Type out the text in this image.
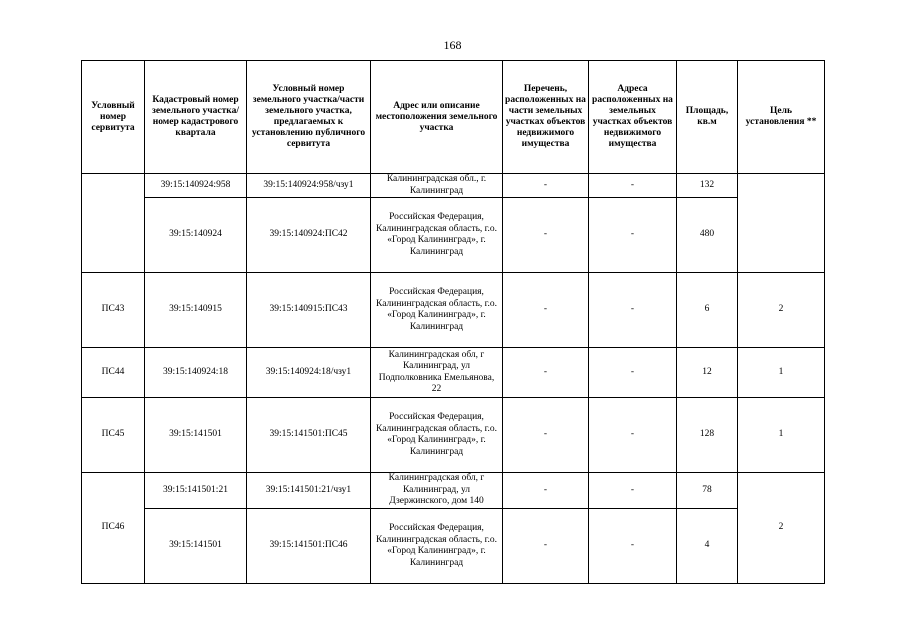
168
Условный номер сервитута	Кадастровый номер земельного участка/номер кадастрового квартала	Условный номер земельного участка/части земельного участка, предлагаемых к установлению публичного сервитута	Адрес или описание местоположения земельного участка	Перечень, расположенных на части земельных участках объектов недвижимого имущества	Адреса расположенных на земельных участках объектов недвижимого имущества	Площадь, кв.м	Цель установления **
	39:15:140924:958	39:15:140924:958/чзу1	Калининградская обл., г. Калининград	-	-	132	
	39:15:140924	39:15:140924:ПС42	Российская Федерация, Калининградская область, г.о. «Город Калининград», г. Калининград	-	-	480	
ПС43	39:15:140915	39:15:140915:ПС43	Российская Федерация, Калининградская область, г.о. «Город Калининград», г. Калининград	-	-	6	2
ПС44	39:15:140924:18	39:15:140924:18/чзу1	Калининградская обл, г Калининград, ул Подполковника Емельянова, 22	-	-	12	1
ПС45	39:15:141501	39:15:141501:ПС45	Российская Федерация, Калининградская область, г.о. «Город Калининград», г. Калининград	-	-	128	1
ПС46	39:15:141501:21	39:15:141501:21/чзу1	Калининградская обл, г Калининград, ул Дзержинского, дом 140	-	-	78	2
	39:15:141501	39:15:141501:ПС46	Российская Федерация, Калининградская область, г.о. «Город Калининград», г. Калининград	-	-	4	
